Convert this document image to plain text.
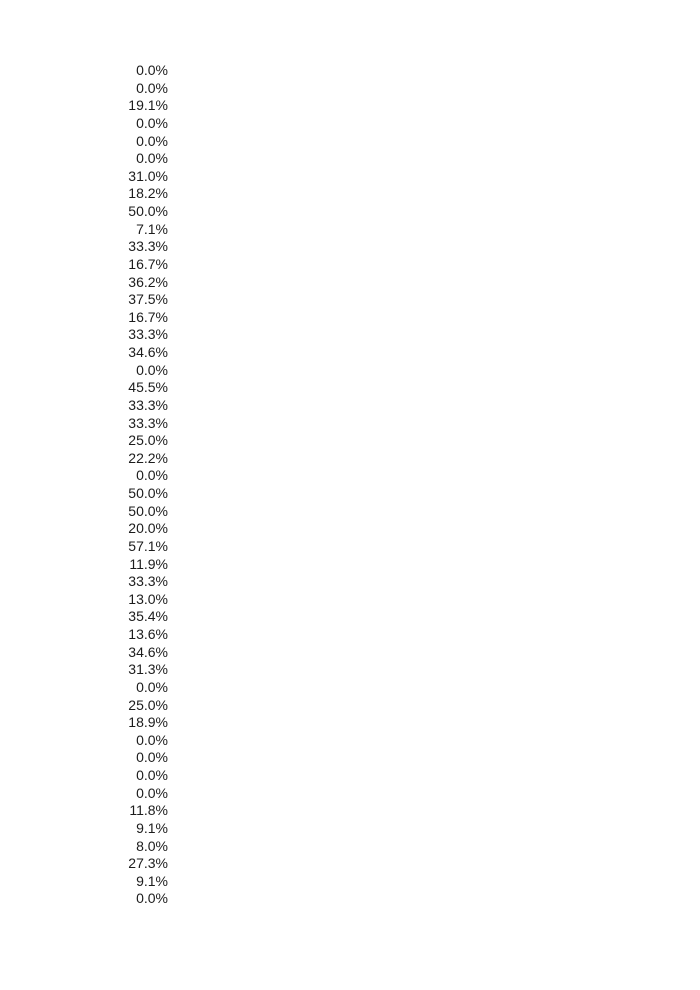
0.0%
0.0%
19.1%
0.0%
0.0%
0.0%
31.0%
18.2%
50.0%
7.1%
33.3%
16.7%
36.2%
37.5%
16.7%
33.3%
34.6%
0.0%
45.5%
33.3%
33.3%
25.0%
22.2%
0.0%
50.0%
50.0%
20.0%
57.1%
11.9%
33.3%
13.0%
35.4%
13.6%
34.6%
31.3%
0.0%
25.0%
18.9%
0.0%
0.0%
0.0%
0.0%
11.8%
9.1%
8.0%
27.3%
9.1%
0.0%
